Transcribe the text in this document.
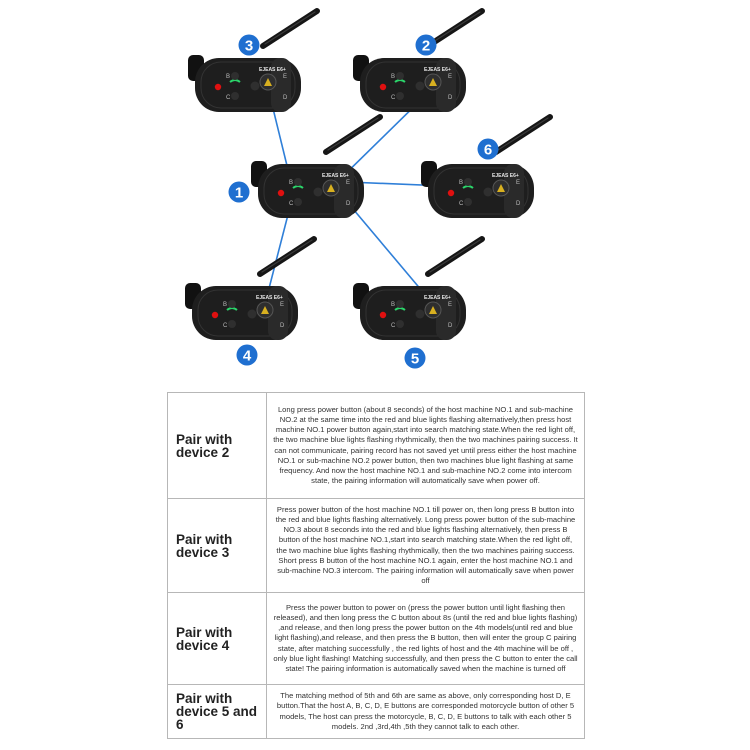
EJEAS E6+
B
C
E
D
EJEAS E6+
B
C
E
D
EJEAS E6+
B
C
E
D
EJEAS E6+
B
C
E
D
EJEAS E6+
B
C
E
D
EJEAS E6+
B
C
E
D
1
2
3
4	5
6
Pair with device 2	Long press power button (about 8 seconds) of the host machine NO.1 and sub-machine NO.2 at the same time into the red and blue lights flashing alternatively,then press host machine NO.1 power button again,start into search matching state.When the red light off, the two machine blue lights flashing rhythmically, then the two machines pairing success. It can not communicate, pairing record has not saved yet until press either the host machine NO.1 or sub-machine NO.2 power button, then two machines blue light flashing at same frequency. And now the host machine NO.1 and sub-machine NO.2 come into intercom state, the pairing information will automatically save when power off.
Pair with device 3	Press power button of the host machine NO.1 till power on, then long press B button into the red and blue lights flashing alternatively. Long press power button of the sub-machine NO.3 about 8 seconds into the red and blue lights flashing alternatively, then press B button of the host machine NO.1,start into search matching state.When the red light off, the two machine blue lights flashing rhythmically, then the two machines pairing success. Short press B button of the host machine NO.1 again, enter the host machine NO.1 and sub-machine NO.3 intercom. The pairing information will automatically save when power off
Pair with device 4	Press the power button to power on (press the power button until light flashing then released), and then long press the C button about 8s (until the red and blue lights flashing) ,and release, and then long press the power button on the 4th models(until red and blue light flashing),and release, and then press the B button, then will enter the group C pairing state, after matching successfully , the red lights of host and the 4th machine will be off , only blue light flashing! Matching successfully, and then press the C button to enter the call state! The pairing information is automatically saved when the machine is turned off
Pair with device 5 and 6	The matching method of 5th and 6th are same as above, only corresponding host D, E button.That the host A, B, C, D, E buttons are corresponded motorcycle button of other 5 models, The host can press the motorcycle, B, C, D, E buttons to talk with each other 5 models. 2nd ,3rd,4th ,5th they cannot talk to each other.
